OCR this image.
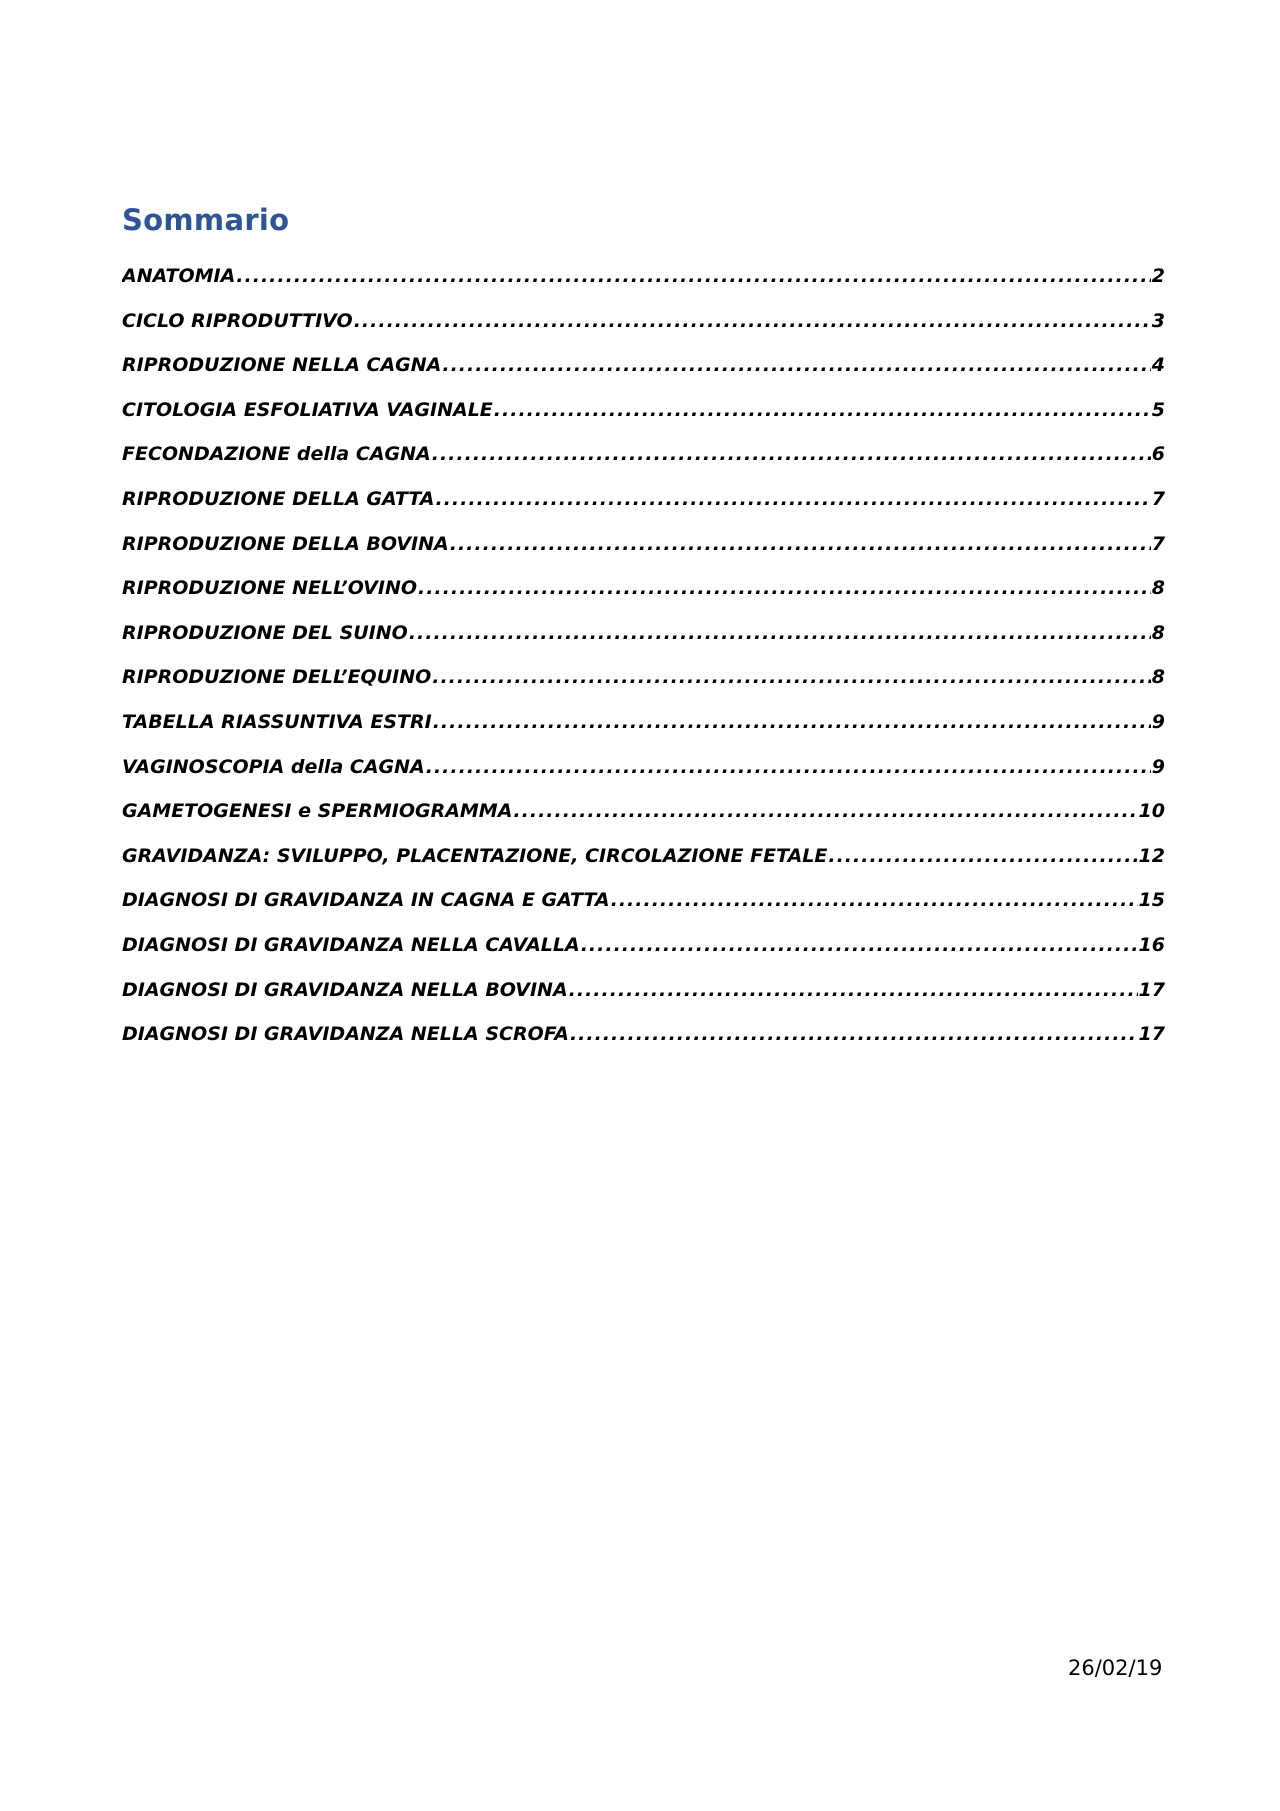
Sommario
ANATOMIA .....	2
CICLO RIPRODUTTIVO .....	3
RIPRODUZIONE NELLA CAGNA .....	4
CITOLOGIA ESFOLIATIVA VAGINALE .....	5
FECONDAZIONE della CAGNA .....	6
RIPRODUZIONE DELLA GATTA .....	7
RIPRODUZIONE DELLA BOVINA .....	7
RIPRODUZIONE NELL’OVINO .....	8
RIPRODUZIONE DEL SUINO .....	8
RIPRODUZIONE DELL’EQUINO .....	8
TABELLA RIASSUNTIVA ESTRI .....	9
VAGINOSCOPIA della CAGNA .....	9
GAMETOGENESI e SPERMIOGRAMMA .....	10
GRAVIDANZA: SVILUPPO, PLACENTAZIONE, CIRCOLAZIONE FETALE .....	12
DIAGNOSI DI GRAVIDANZA IN CAGNA E GATTA .....	15
DIAGNOSI DI GRAVIDANZA NELLA CAVALLA .....	16
DIAGNOSI DI GRAVIDANZA NELLA BOVINA .....	17
DIAGNOSI DI GRAVIDANZA NELLA SCROFA .....	17
26/02/19
